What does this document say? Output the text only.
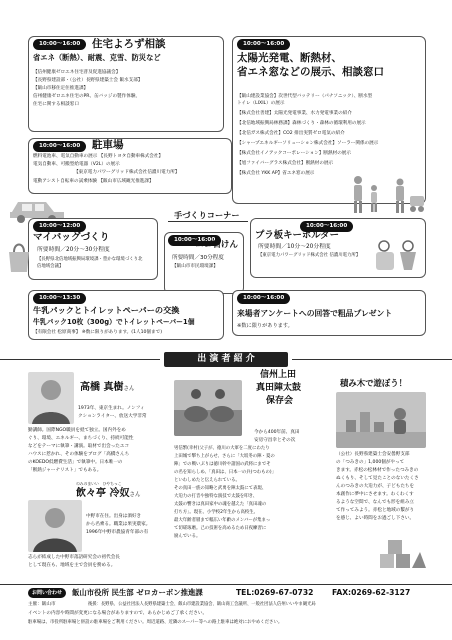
10:00～16:00	住宅よろず相談
省エネ（断熱）、耐震、克雪、防災など
【信州健康ゼロエネ住宅普及促進協議会】
【長野県建設部・（公社）長野県建築士会 飯水支部】
【飯山市移住定住推進課】
信州健康ゼロエネ住宅のPR、缶バッジの製作体験、
住宅に関する相談窓口
10:00～16:00
太陽光発電、断熱材、
省エネ窓などの展示、相談窓口
【飯山建設業協会】次世代型バッテリー（パナソニック）、断水型
トイレ（LIXIL）の展示
【株式会社善建】太陽光発電事業、水力発電事業の紹介
【北信地域振興局林務課】森林づくり・森林の循環利用の展示
【北信ガス株式会社】CO2 排出実質ゼロ電気の紹介
【シャープエネルギーソリューション株式会社】ソーラー関係の展示
【株式会社イノアックコーポレーション】断熱材の展示
【旭ファイバーグラス株式会社】断熱材の展示
【株式会社 YKK AP】省エネ窓の展示
10:00～16:00	駐車場
燃料電池車、電気自動車の展示 【長野トヨタ自動車株式会社】
電気自動車、可搬型給電器（V2L）の展示
【東京電力パワーグリッド株式会社信濃川電力所】
電動アシスト自転車の試乗体験 【飯山市広域観光推進課】
手づくりコーナー
10:00～12:00
マイバッグづくり
所要時間／20分～30分程度
【長野県北信地域振興局環境課・豊かな環境づくり北信地域会議】
10:00～16:00
エコ石けん
所要時間／30分程度
【飯山市市民環境課】
10:00～16:00
プラ板キーホルダー
所要時間／10分～20分程度
【東京電力パワーグリッド株式会社 信濃川電力所】
10:00～13:30
牛乳パックとトイレットペーパーの交換
牛乳パック10枚（300g）でトイレットペーパー1個
【有限会社 松原商事】 ※数に限りがあります。(1人10個まで)
10:00～16:00
来場者アンケートへの回答で粗品プレゼント
※数に限りがあります。
出 演 者 紹 介
高橋 真樹さん
1973年、東京生まれ。ノンフィ
クションライター、放送大学非常
勤講師。国際NGO職員を経て独立。国内外をめ
ぐり、環境、エネルギー、まちづくり、持続可能性
などをテーマに執筆・講演。取材で出会ったエコ
ハウスに惹かれ、その体験をブログ「高橋さんち
のKOEDO低燃費生活」で執筆中。日本唯一の
「断熱ジャーナリスト」でもある。
のみのまいい　ひやちっこ
飲々亭 冷奴さん
中野市在住。出身は酒好き
から名乗る。職業は果実農家。
1996年中野市農協青年部の有
志らが結成した中野市落語研究会の初代会長
として現在も、地域を主で会員を務める。
信州上田
真田陣太鼓
保存会
今から400年前、真田
安房守昌幸とその次
男信繁(幸村)父子が、徳川の大軍を二度にわたり
上田城で撃ち上がらせ、さらに「大坂冬の陣・夏の
陣」での戦いぶりは徳川幹や諸国の武将にまでそ
の名を知らしめ、「真田は、日本一の兵(つわもの)」
といわしめたと伝えられている。
その真田一族の知略と武勇を陣太鼓にて表現、
大迫力の打音や独特な演技で太鼓を叩き、
太鼓の響きは真田家中の魂を越えた「真田魂の
打ち方」。現在、小学校2年生から高校生、
最大年齢者層まで幅広い年齢のメンバーが集まっ
て切磋琢磨。己の技術を高めるため日夜練習に
励んでいる。
積み木で遊ぼう！
（公社）長野県建築士会安曇野支部
の「つみきの」1,000個がやって
きます。赤松の松林材で作ったつみきの
ぬくもり、そして見たことのないたくさ
んのつみきの大迫力が、子どもたちを
本創作に夢中にさせます。わくわくす
るような空間で、なんでも形を組み立
て作ってみよう。赤松と地域の繋がり
を感じ、よい時間をお過ごし下さい。
お問い合わせ	飯山市役所 民生部 ゼロカーボン推進課	TEL:0269-67-0732 FAX:0269-62-3127
主催：飯山市	後援：長野県、公益社団法人長野県建築士会、飯山市建設業協会、飯山商工会議所、一般社団法人信州いいやま観光局
イベントの内容や時間が変更になる場合がありますので、あらかじめご了承ください。
駐車場は、市役所駐車場と併設の駐車場をご利用ください。周辺道路、近隣のスーパー等への路上駐車は絶対におやめください。
